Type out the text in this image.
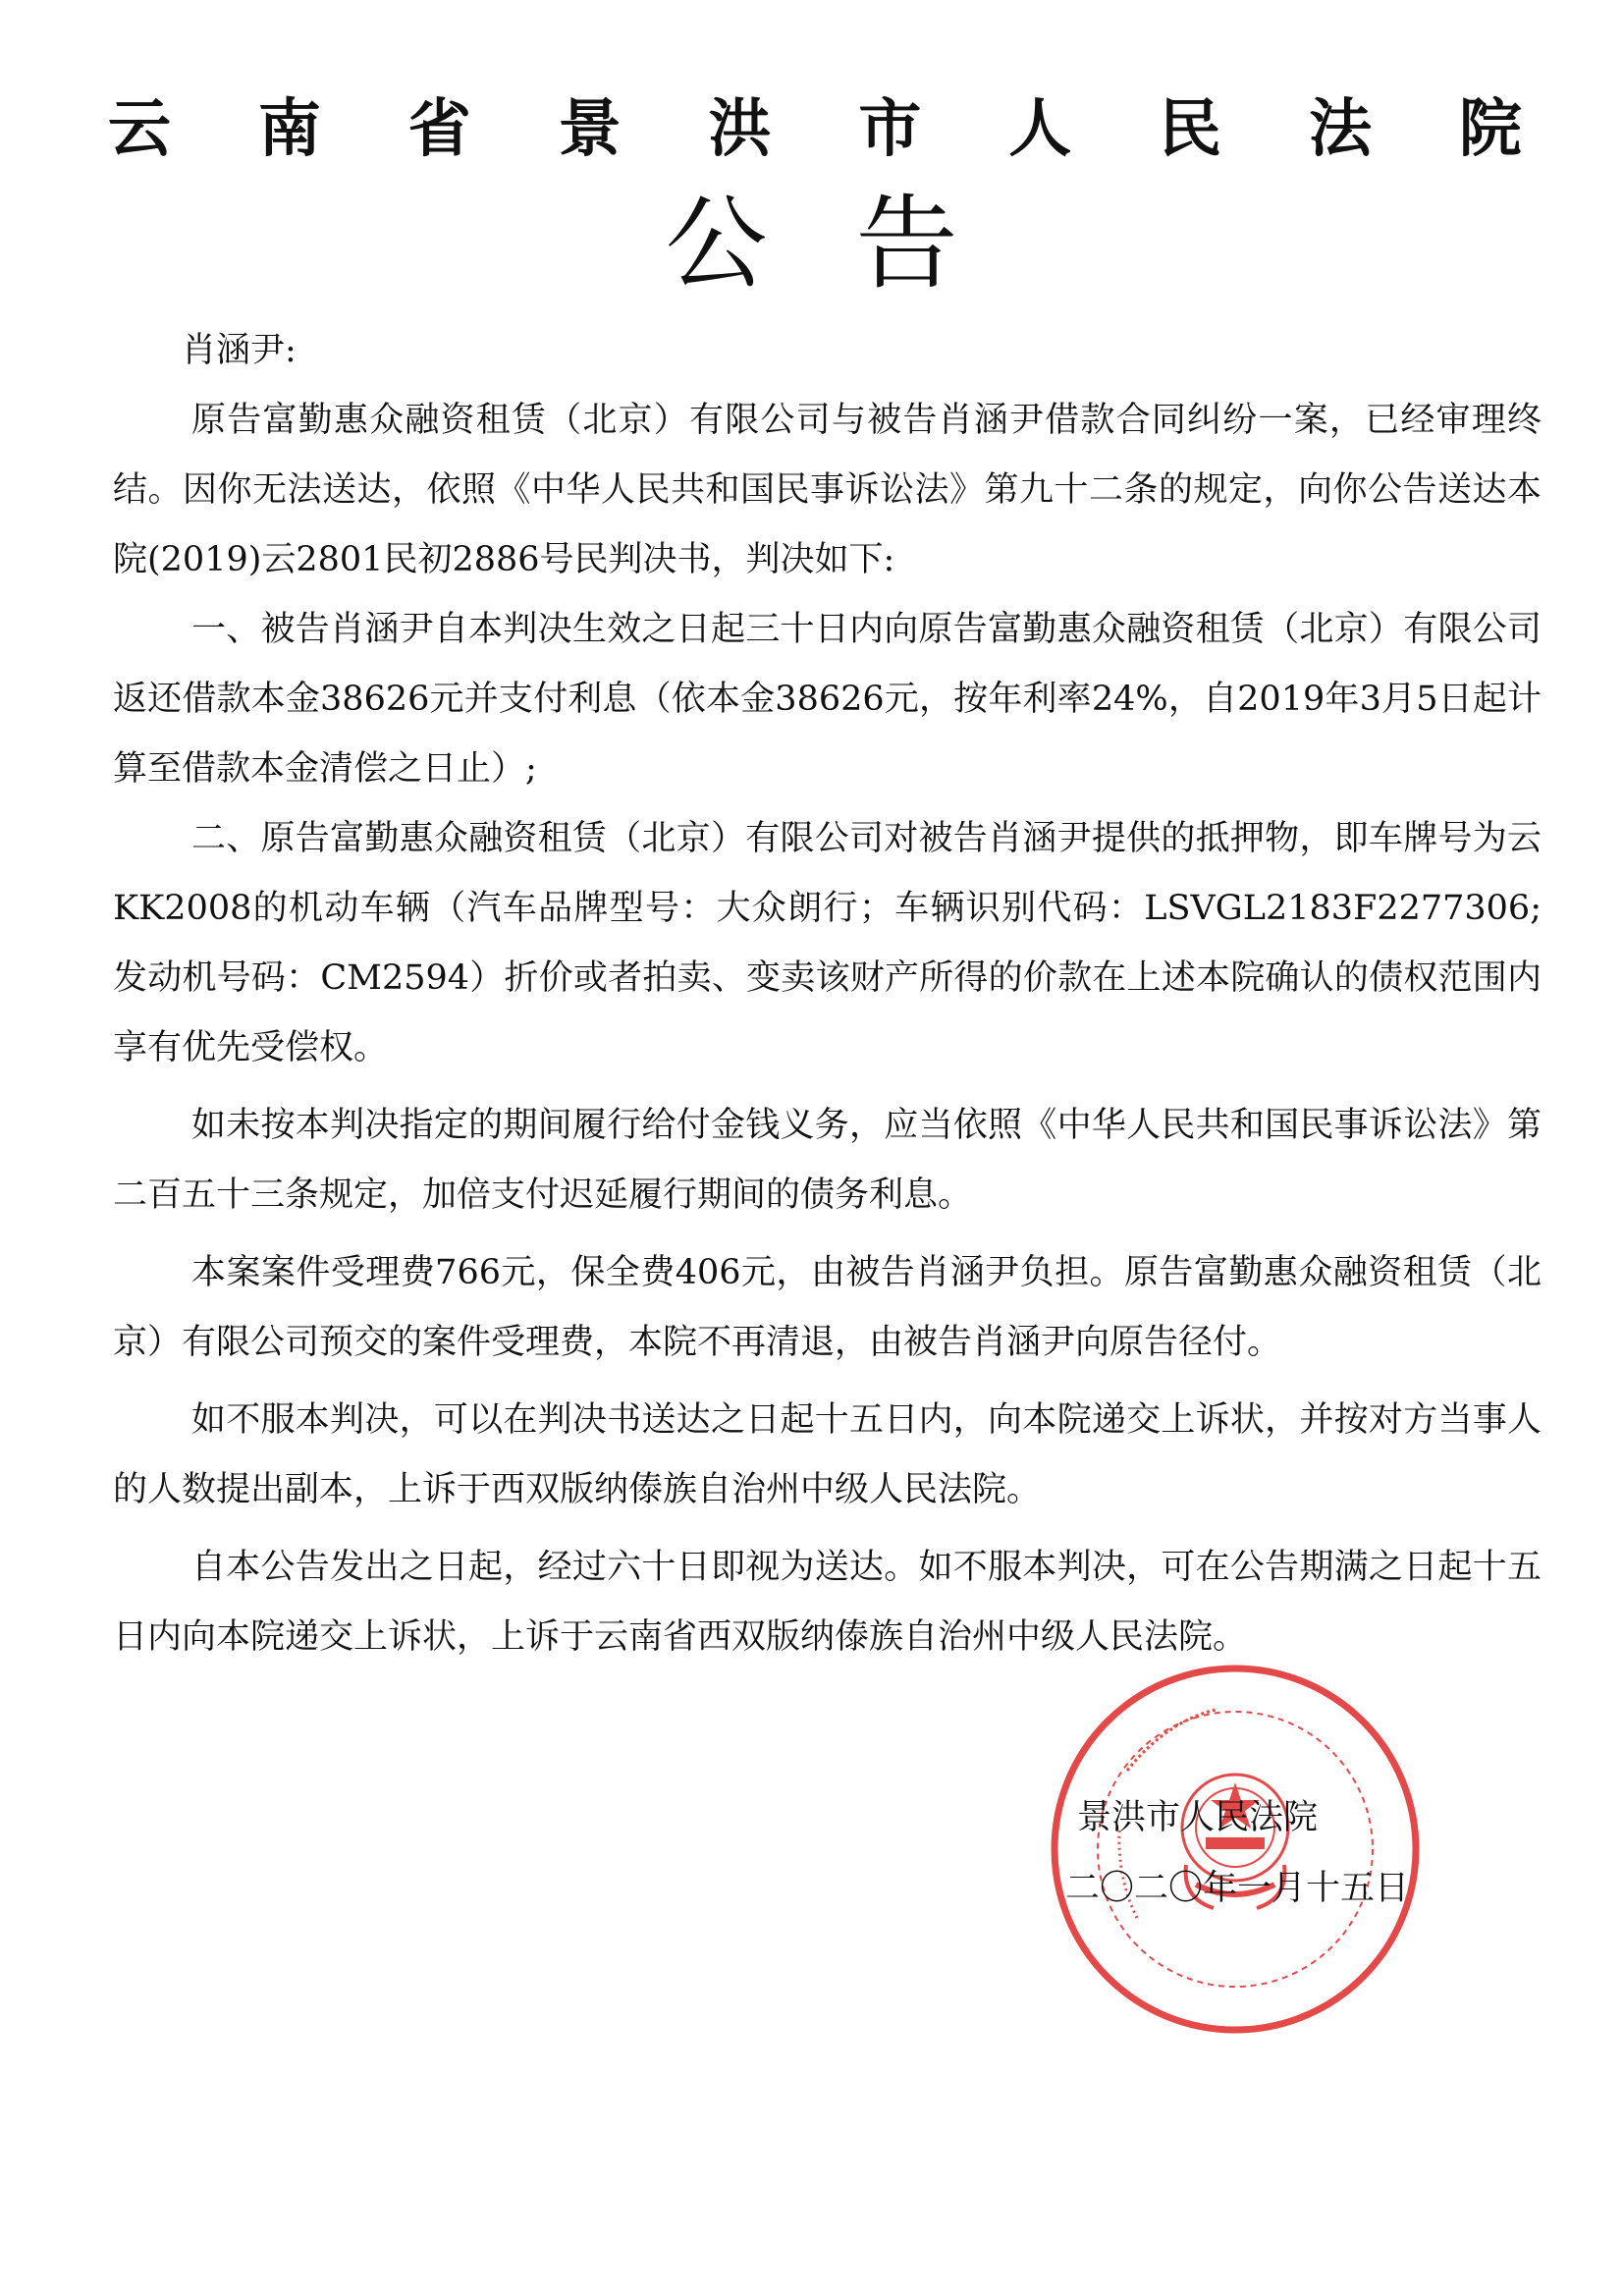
云 南 省 景 洪 市 人 民 法 院
公告

肖涵尹:

原告富勤惠众融资租赁（北京）有限公司与被告肖涵尹借款合同纠纷一案，已经审理终结。因你无法送达，依照《中华人民共和国民事诉讼法》第九十二条的规定，向你公告送达本院(2019)云2801民初2886号民判决书，判决如下:

一、被告肖涵尹自本判决生效之日起三十日内向原告富勤惠众融资租赁（北京）有限公司返还借款本金38626元并支付利息（依本金38626元，按年利率24%，自2019年3月5日起计算至借款本金清偿之日止）;

二、原告富勤惠众融资租赁（北京）有限公司对被告肖涵尹提供的抵押物，即车牌号为云KK2008的机动车辆（汽车品牌型号：大众朗行；车辆识别代码：LSVGL2183F2277306;发动机号码：CM2594）折价或者拍卖、变卖该财产所得的价款在上述本院确认的债权范围内享有优先受偿权。

如未按本判决指定的期间履行给付金钱义务，应当依照《中华人民共和国民事诉讼法》第二百五十三条规定，加倍支付迟延履行期间的债务利息。

本案案件受理费766元，保全费406元，由被告肖涵尹负担。原告富勤惠众融资租赁（北京）有限公司预交的案件受理费，本院不再清退，由被告肖涵尹向原告径付。

如不服本判决，可以在判决书送达之日起十五日内，向本院递交上诉状，并按对方当事人的人数提出副本，上诉于西双版纳傣族自治州中级人民法院。

自本公告发出之日起，经过六十日即视为送达。如不服本判决，可在公告期满之日起十五日内向本院递交上诉状，上诉于云南省西双版纳傣族自治州中级人民法院。

景洪市人民法院
二〇二〇年一月十五日
